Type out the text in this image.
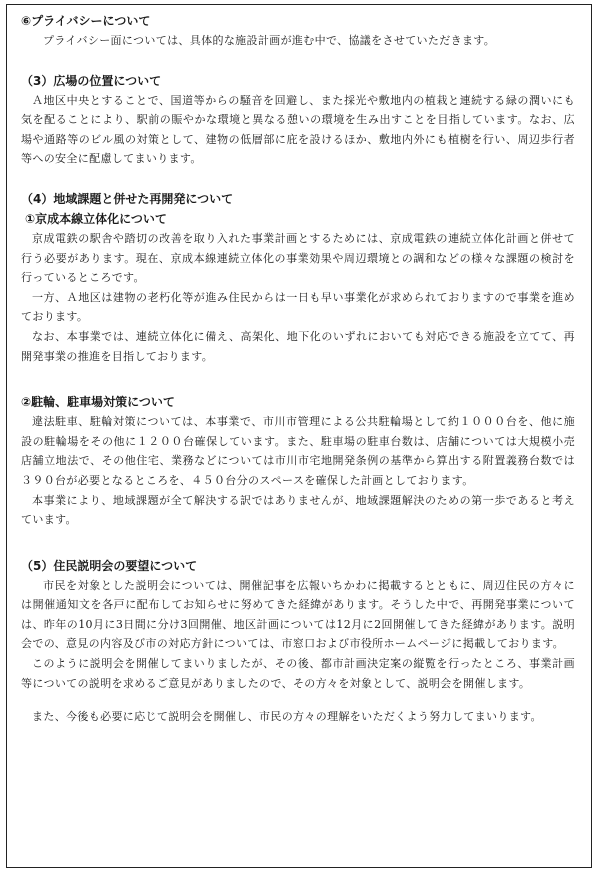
⑥プライバシーについて

プライバシー面については、具体的な施設計画が進む中で、協議をさせていただきます。

（3）広場の位置について

Ａ地区中央とすることで、国道等からの騒音を回避し、また採光や敷地内の植栽と連続する緑の潤いにも気を配ることにより、駅前の賑やかな環境と異なる憩いの環境を生み出すことを目指しています。なお、広場や通路等のビル風の対策として、建物の低層部に庇を設けるほか、敷地内外にも植樹を行い、周辺歩行者等への安全に配慮してまいります。

（4）地域課題と併せた再開発について
①京成本線立体化について

京成電鉄の駅舎や踏切の改善を取り入れた事業計画とするためには、京成電鉄の連続立体化計画と併せて行う必要があります。現在、京成本線連続立体化の事業効果や周辺環境との調和などの様々な課題の検討を行っているところです。

一方、Ａ地区は建物の老朽化等が進み住民からは一日も早い事業化が求められておりますので事業を進めております。

なお、本事業では、連続立体化に備え、高架化、地下化のいずれにおいても対応できる施設を立てて、再開発事業の推進を目指しております。

②駐輪、駐車場対策について

違法駐車、駐輪対策については、本事業で、市川市管理による公共駐輪場として約１０００台を、他に施設の駐輪場をその他に１２００台確保しています。また、駐車場の駐車台数は、店舗については大規模小売店舗立地法で、その他住宅、業務などについては市川市宅地開発条例の基準から算出する附置義務台数では３９０台が必要となるところを、４５０台分のスペースを確保した計画としております。

本事業により、地域課題が全て解決する訳ではありませんが、地域課題解決のための第一歩であると考えています。

（5）住民説明会の要望について

市民を対象とした説明会については、開催記事を広報いちかわに掲載するとともに、周辺住民の方々には開催通知文を各戸に配布してお知らせに努めてきた経緯があります。そうした中で、再開発事業については、昨年の10月に3日間に分け3回開催、地区計画については12月に2回開催してきた経緯があります。説明会での、意見の内容及び市の対応方針については、市窓口および市役所ホームページに掲載しております。

このように説明会を開催してまいりましたが、その後、都市計画決定案の縦覧を行ったところ、事業計画等についての説明を求めるご意見がありましたので、その方々を対象として、説明会を開催します。

また、今後も必要に応じて説明会を開催し、市民の方々の理解をいただくよう努力してまいります。
